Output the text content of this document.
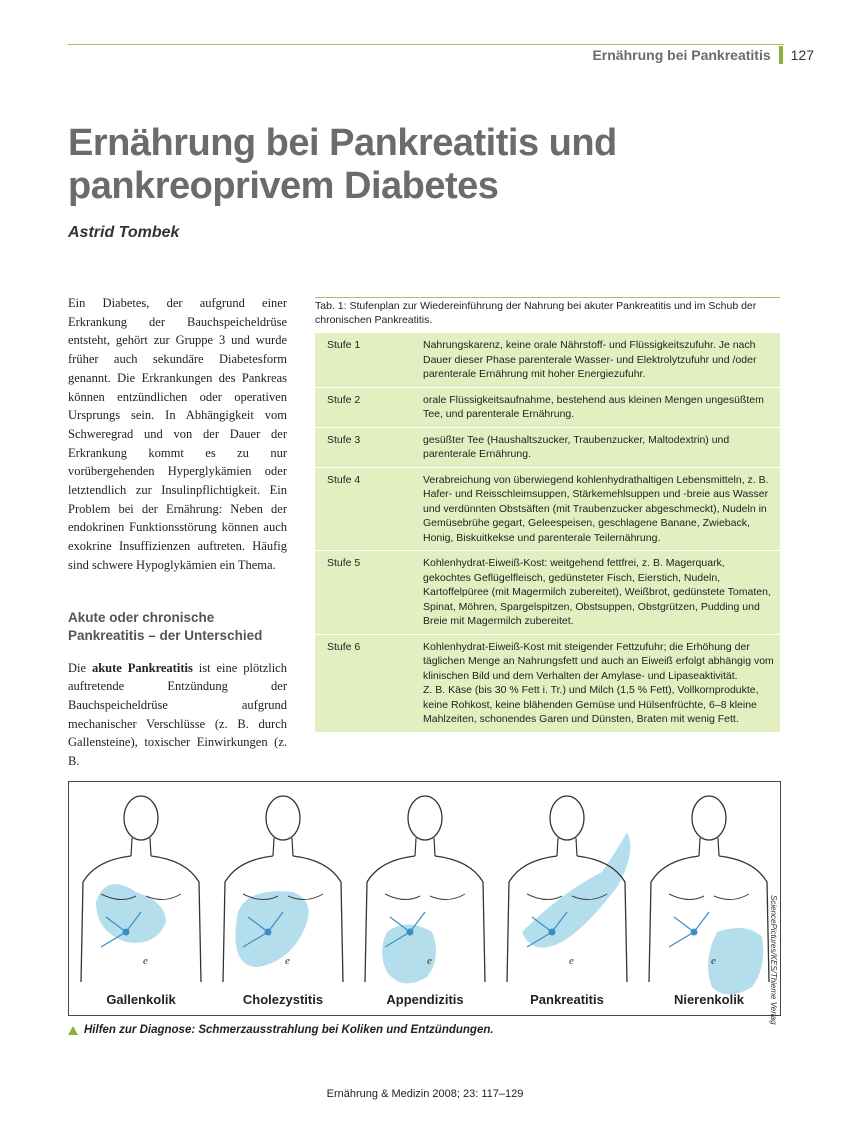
Ernährung bei Pankreatitis 127
Ernährung bei Pankreatitis und
pankreoprivem Diabetes
Astrid Tombek

Ein Diabetes, der aufgrund einer Erkrankung der Bauchspeicheldrüse entsteht, gehört zur Gruppe 3 und wurde früher auch sekundäre Diabetesform genannt. Die Erkrankungen des Pankreas können entzündlichen oder operativen Ursprungs sein. In Abhängigkeit vom Schweregrad und von der Dauer der Erkrankung kommt es zu nur vorübergehenden Hyperglykämien oder letztendlich zur Insulinpflichtigkeit. Ein Problem bei der Ernährung: Neben der endokrinen Funktionsstörung können auch exokrine Insuffizienzen auftreten. Häufig sind schwere Hypoglykämien ein Thema.

Akute oder chronische Pankreatitis – der Unterschied

Die akute Pankreatitis ist eine plötzlich auftretende Entzündung der Bauchspeicheldrüse aufgrund mechanischer Verschlüsse (z. B. durch Gallensteine), toxischer Einwirkungen (z. B.

Tab. 1: Stufenplan zur Wiedereinführung der Nahrung bei akuter Pankreatitis und im Schub der chronischen Pankreatitis.
Stufe 1	Nahrungskarenz, keine orale Nährstoff- und Flüssigkeitszufuhr. Je nach Dauer dieser Phase parenterale Wasser- und Elektrolytzufuhr und /oder parenterale Ernährung mit hoher Energiezufuhr.
Stufe 2	orale Flüssigkeitsaufnahme, bestehend aus kleinen Mengen ungesüßtem Tee, und parenterale Ernährung.
Stufe 3	gesüßter Tee (Haushaltszucker, Traubenzucker, Maltodextrin) und parenterale Ernährung.
Stufe 4	Verabreichung von überwiegend kohlenhydrathaltigen Lebensmitteln, z. B. Hafer- und Reisschleimsuppen, Stärkemehlsuppen und -breie aus Wasser und verdünnten Obstsäften (mit Traubenzucker abgeschmeckt), Nudeln in Gemüsebrühe gegart, Geleespeisen, geschlagene Banane, Zwieback, Honig, Biskuitkekse und parenterale Teilernährung.
Stufe 5	Kohlenhydrat-Eiweiß-Kost: weitgehend fettfrei, z. B. Magerquark, gekochtes Geflügelfleisch, gedünsteter Fisch, Eierstich, Nudeln, Kartoffelpüree (mit Magermilch zubereitet), Weißbrot, gedünstete Tomaten, Spinat, Möhren, Spargelspitzen, Obstsuppen, Obstgrützen, Pudding und Breie mit Magermilch zubereitet.
Stufe 6	Kohlenhydrat-Eiweiß-Kost mit steigender Fettzufuhr; die Erhöhung der täglichen Menge an Nahrungsfett und auch an Eiweiß erfolgt abhängig vom klinischen Bild und dem Verhalten der Amylase- und Lipaseaktivität.
Z. B. Käse (bis 30 % Fett i. Tr.) und Milch (1,5 % Fett), Vollkornprodukte, keine Rohkost, keine blähenden Gemüse und Hülsenfrüchte, 6–8 kleine Mahlzeiten, schonendes Garen und Dünsten, Braten mit wenig Fett.
e
Gallenkolik
e
Cholezystitis
e
Appendizitis
e
Pankreatitis
e
Nierenkolik	SciencePictures/KES/Thieme Verlag
Hilfen zur Diagnose: Schmerzausstrahlung bei Koliken und Entzündungen.
Ernährung & Medizin 2008; 23: 117–129
